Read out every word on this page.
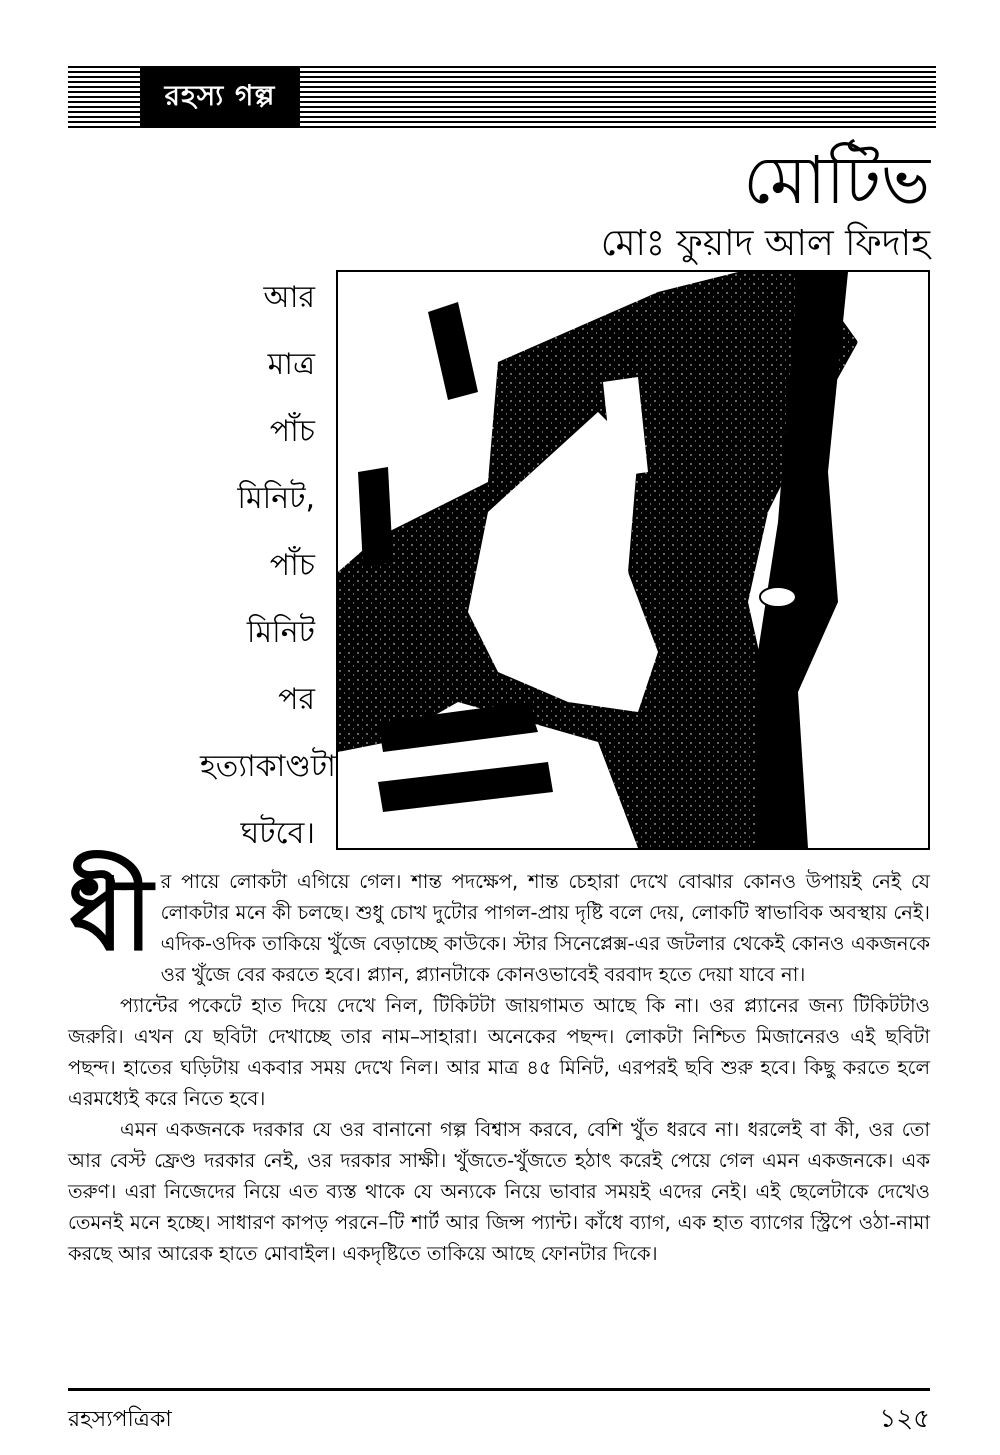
রহস্য গল্প
মোটিভ
মোঃ ফুয়াদ আল ফিদাহ
আর
মাত্র
পাঁচ
মিনিট,
পাঁচ
মিনিট
পর
হত্যাকাণ্ডটা
ঘটবে।

ধীর পায়ে লোকটা এগিয়ে গেল। শান্ত পদক্ষেপ, শান্ত চেহারা দেখে বোঝার কোনও উপায়ই নেই যে লোকটার মনে কী চলছে। শুধু চোখ দুটোর পাগল-প্রায় দৃষ্টি বলে দেয়, লোকটি স্বাভাবিক অবস্থায় নেই। এদিক-ওদিক তাকিয়ে খুঁজে বেড়াচ্ছে কাউকে। স্টার সিনেপ্লেক্স-এর জটলার থেকেই কোনও একজনকে ওর খুঁজে বের করতে হবে। প্ল্যান, প্ল্যানটাকে কোনওভাবেই বরবাদ হতে দেয়া যাবে না।

প্যান্টের পকেটে হাত দিয়ে দেখে নিল, টিকিটটা জায়গামত আছে কি না। ওর প্ল্যানের জন্য টিকিটটাও জরুরি। এখন যে ছবিটা দেখাচ্ছে তার নাম–সাহারা। অনেকের পছন্দ। লোকটা নিশ্চিত মিজানেরও এই ছবিটা পছন্দ। হাতের ঘড়িটায় একবার সময় দেখে নিল। আর মাত্র ৪৫ মিনিট, এরপরই ছবি শুরু হবে। কিছু করতে হলে এরমধ্যেই করে নিতে হবে।

এমন একজনকে দরকার যে ওর বানানো গল্প বিশ্বাস করবে, বেশি খুঁত ধরবে না। ধরলেই বা কী, ওর তো আর বেস্ট ফ্রেণ্ড দরকার নেই, ওর দরকার সাক্ষী। খুঁজতে-খুঁজতে হঠাৎ করেই পেয়ে গেল এমন একজনকে। এক তরুণ। এরা নিজেদের নিয়ে এত ব্যস্ত থাকে যে অন্যকে নিয়ে ভাবার সময়ই এদের নেই। এই ছেলেটাকে দেখেও তেমনই মনে হচ্ছে। সাধারণ কাপড় পরনে–টি শার্ট আর জিন্স প্যান্ট। কাঁধে ব্যাগ, এক হাত ব্যাগের স্ট্রিপে ওঠা-নামা করছে আর আরেক হাতে মোবাইল। একদৃষ্টিতে তাকিয়ে আছে ফোনটার দিকে।

রহস্যপত্রিকা	১২৫
